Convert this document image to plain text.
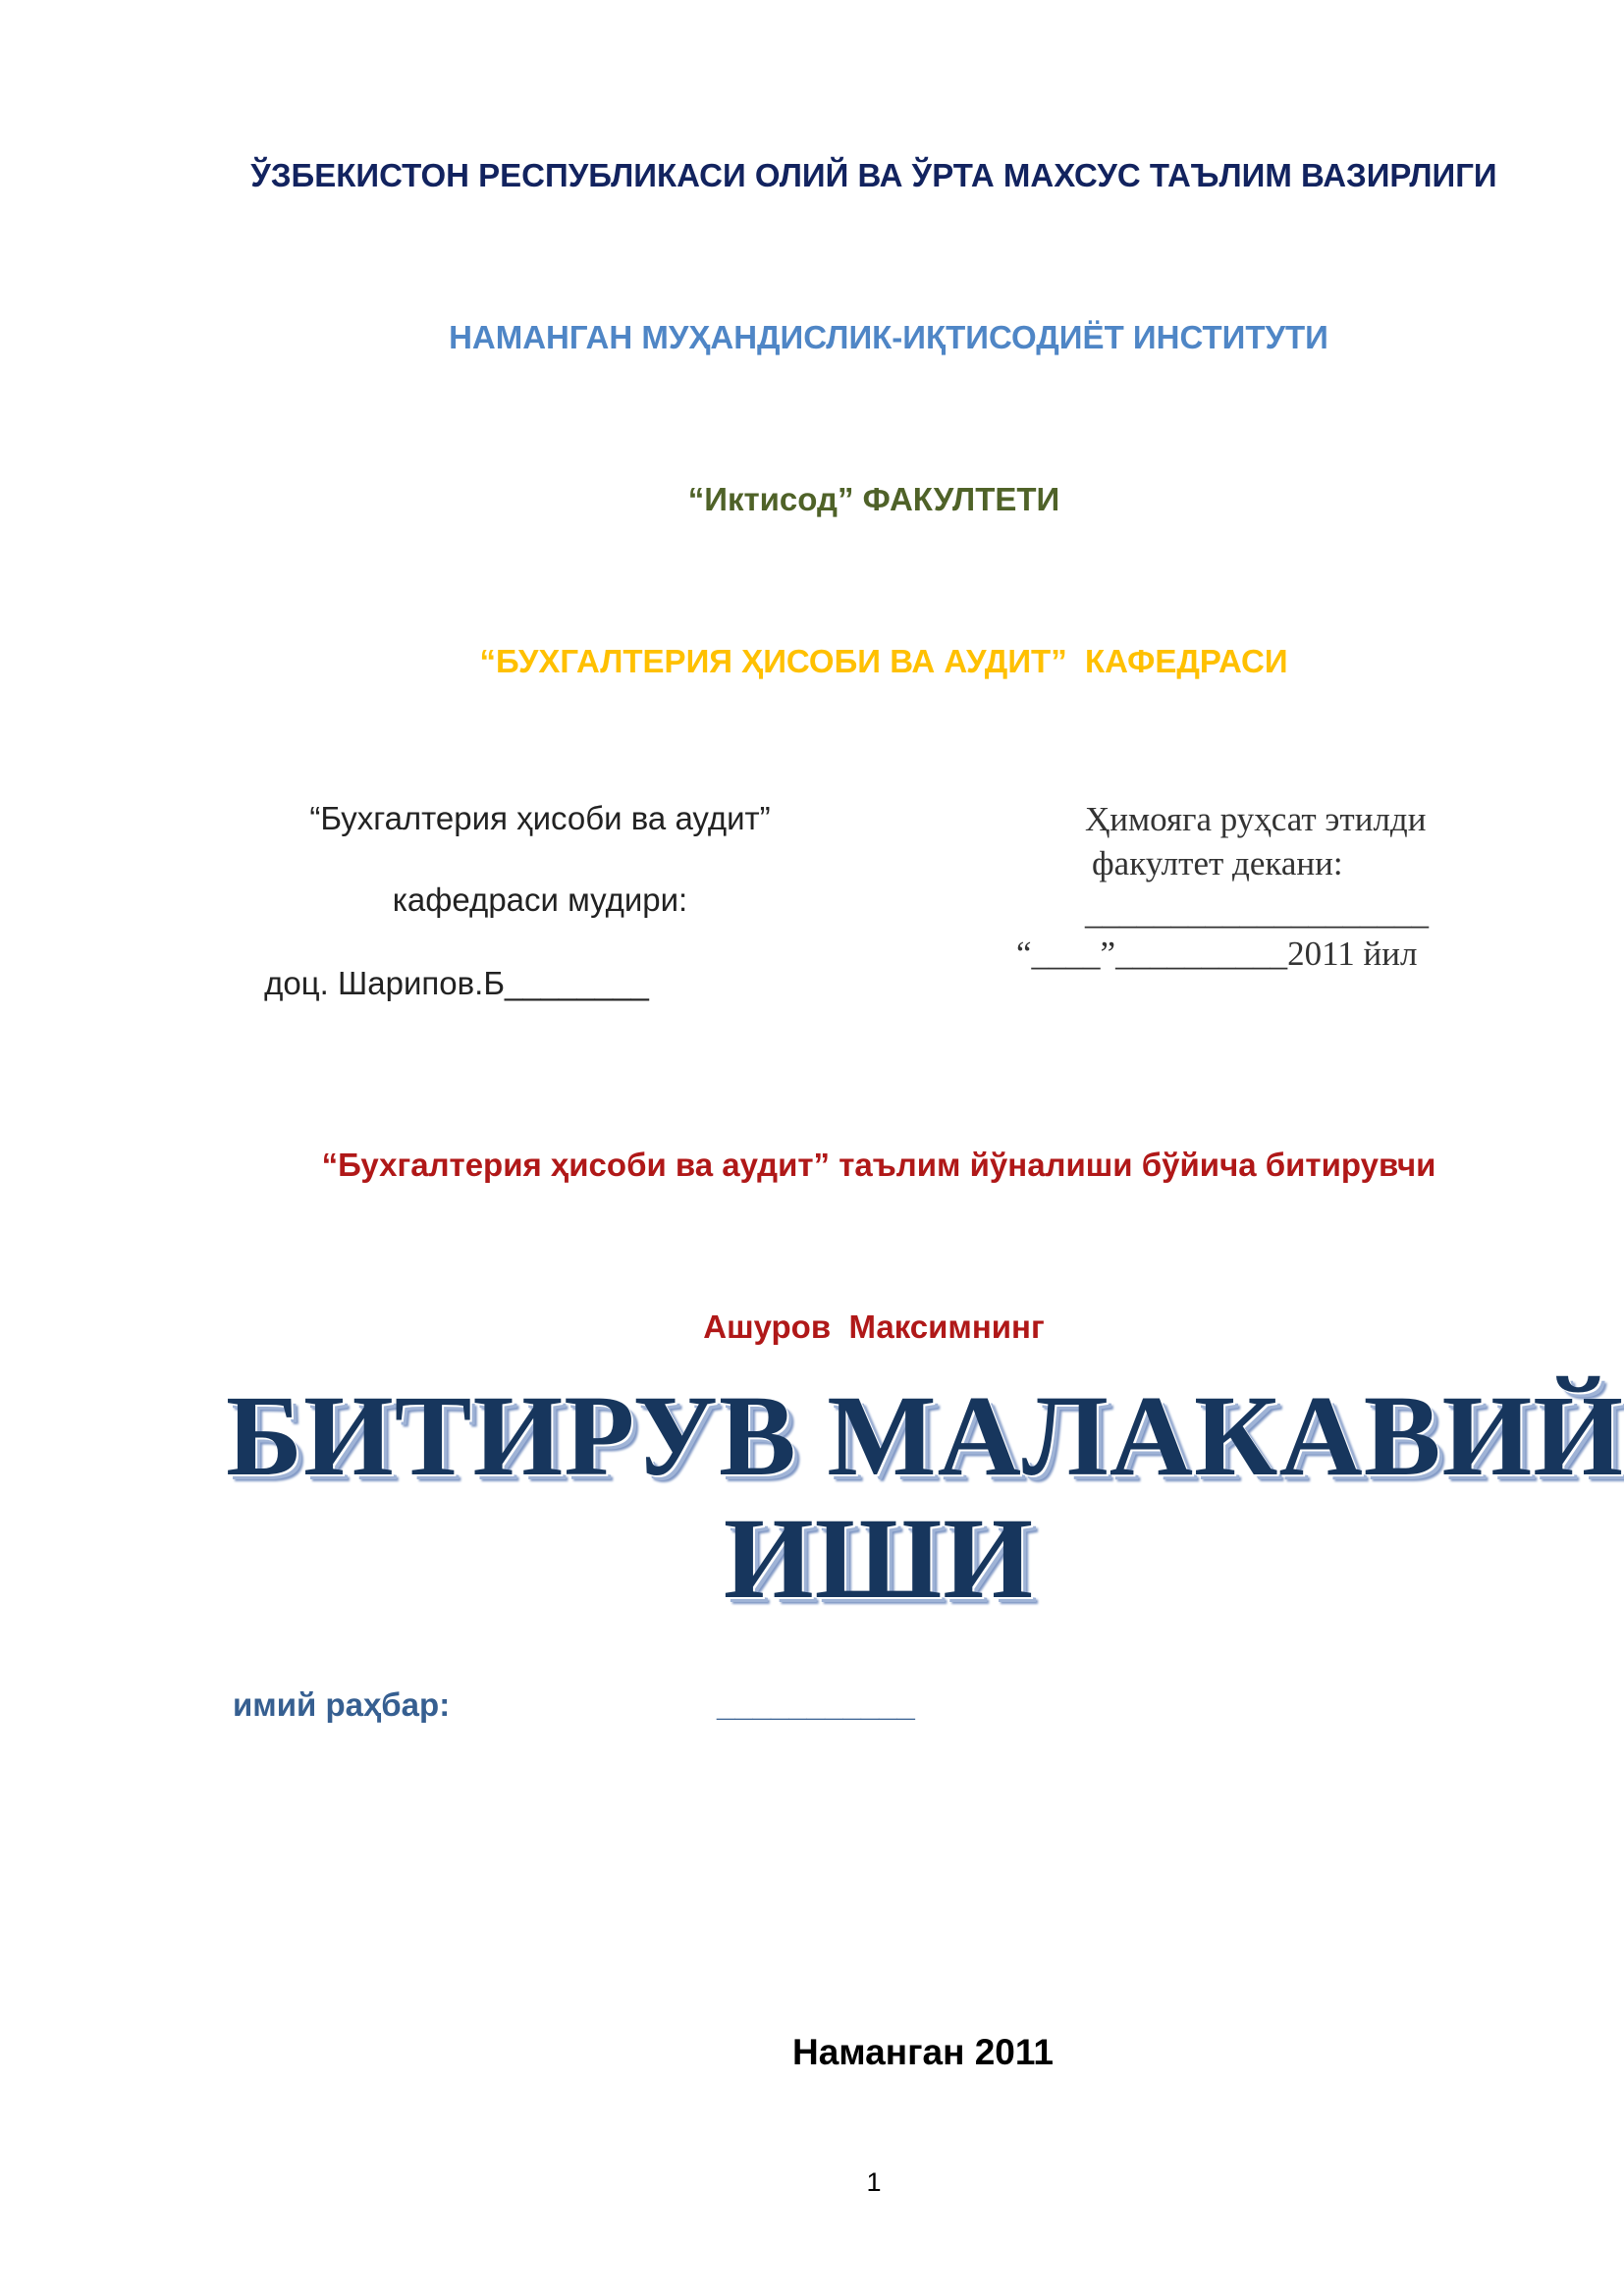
ЎЗБЕКИСТОН РЕСПУБЛИКАСИ ОЛИЙ ВА ЎРТА МАХСУС ТАЪЛИМ ВАЗИРЛИГИ
НАМАНГАН МУҲАНДИСЛИК-ИҚТИСОДИЁТ ИНСТИТУТИ
“Иктисод” ФАКУЛТЕТИ
“БУХГАЛТЕРИЯ ҲИСОБИ ВА АУДИТ”  КАФЕДРАСИ
“Бухгалтерия ҳисоби ва аудит”
кафедраси мудири:
доц. Шарипов.Б________
Ҳимояга руҳсат этилди
факултет декани:
____________________
“____”__________2011 йил
“Бухгалтерия ҳисоби ва аудит” таълим йўналиши бўйича битирувчи
Ашуров  Максимнинг
БИТИРУВ МАЛАКАВИЙ
ИШИ
имий раҳбар:	___________
Наманган 2011
1
